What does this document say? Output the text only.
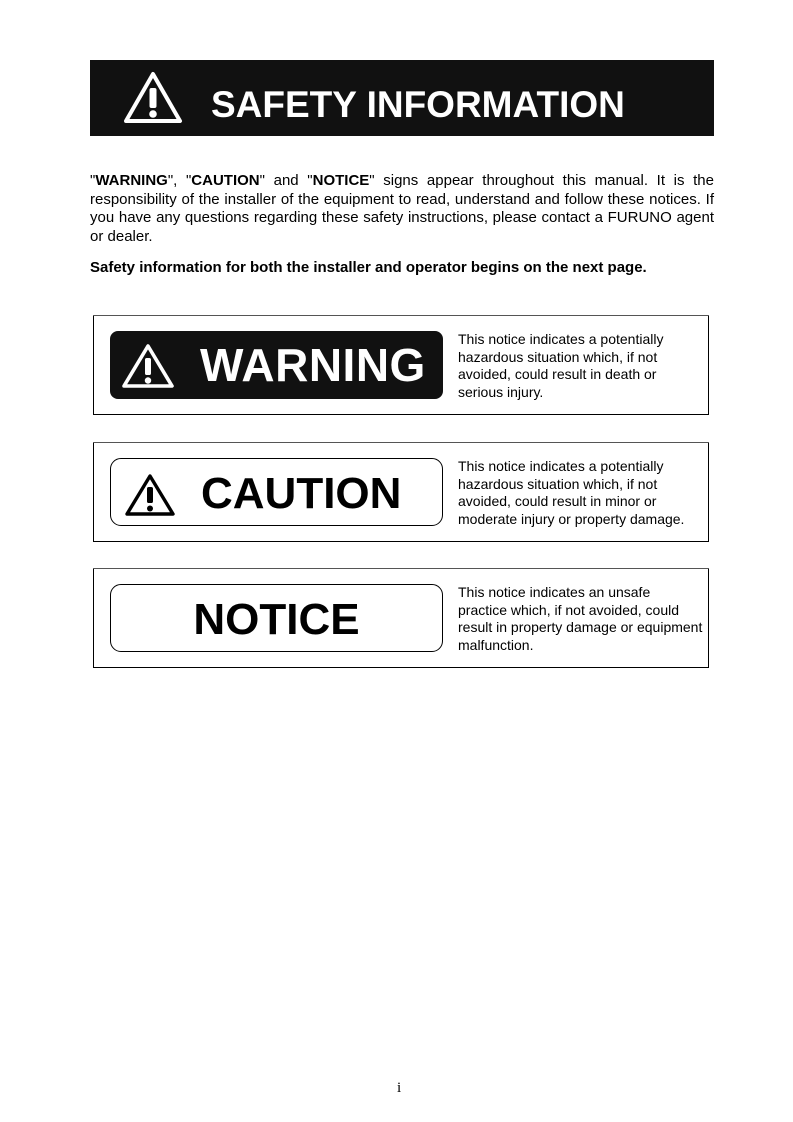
SAFETY INFORMATION

"WARNING", "CAUTION" and "NOTICE" signs appear throughout this manual. It is the responsibility of the installer of the equipment to read, understand and follow these notices. If you have any questions regarding these safety instructions, please contact a FURUNO agent or dealer.

Safety information for both the installer and operator begins on the next page.
WARNING This notice indicates a potentially hazardous situation which, if not avoided, could result in death or serious injury.
CAUTION
This notice indicates a potentially hazardous situation which, if not avoided, could result in minor or moderate injury or property damage.
NOTICE
This notice indicates an unsafe practice which, if not avoided, could result in property damage or equipment malfunction.
i
